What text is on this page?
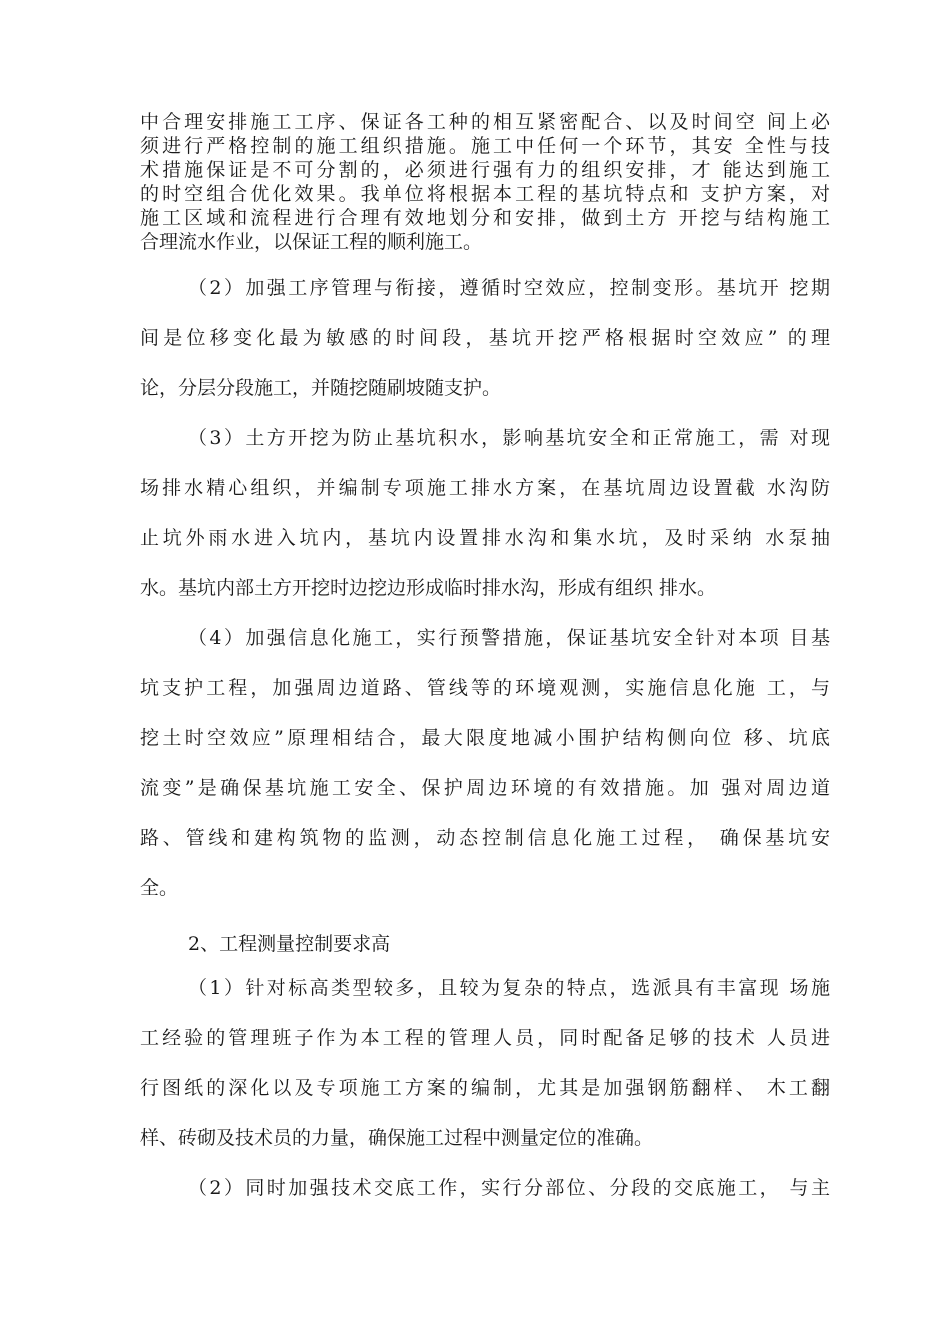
中合理安排施工工序、保证各工种的相互紧密配合、以及时间空 间上必
须进行严格控制的施工组织措施。施工中任何一个环节，其安 全性与技
术措施保证是不可分割的，必须进行强有力的组织安排，才 能达到施工
的时空组合优化效果。我单位将根据本工程的基坑特点和 支护方案，对
施工区域和流程进行合理有效地划分和安排，做到土方 开挖与结构施工
合理流水作业，以保证工程的顺利施工。
（2）加强工序管理与衔接，遵循时空效应，控制变形。基坑开 挖期
间是位移变化最为敏感的时间段，基坑开挖严格根据时空效应” 的理
论，分层分段施工，并随挖随刷坡随支护。
（3）土方开挖为防止基坑积水，影响基坑安全和正常施工，需 对现
场排水精心组织，并编制专项施工排水方案，在基坑周边设置截 水沟防
止坑外雨水进入坑内，基坑内设置排水沟和集水坑，及时采纳 水泵抽
水。基坑内部土方开挖时边挖边形成临时排水沟，形成有组织 排水。
（4）加强信息化施工，实行预警措施，保证基坑安全针对本项 目基
坑支护工程，加强周边道路、管线等的环境观测，实施信息化施 工，与
挖土时空效应”原理相结合，最大限度地减小围护结构侧向位 移、坑底
流变”是确保基坑施工安全、保护周边环境的有效措施。加 强对周边道
路、管线和建构筑物的监测，动态控制信息化施工过程， 确保基坑安
全。
2、工程测量控制要求高
（1）针对标高类型较多，且较为复杂的特点，选派具有丰富现 场施
工经验的管理班子作为本工程的管理人员，同时配备足够的技术 人员进
行图纸的深化以及专项施工方案的编制，尤其是加强钢筋翻样、 木工翻
样、砖砌及技术员的力量，确保施工过程中测量定位的准确。
（2）同时加强技术交底工作，实行分部位、分段的交底施工， 与主
